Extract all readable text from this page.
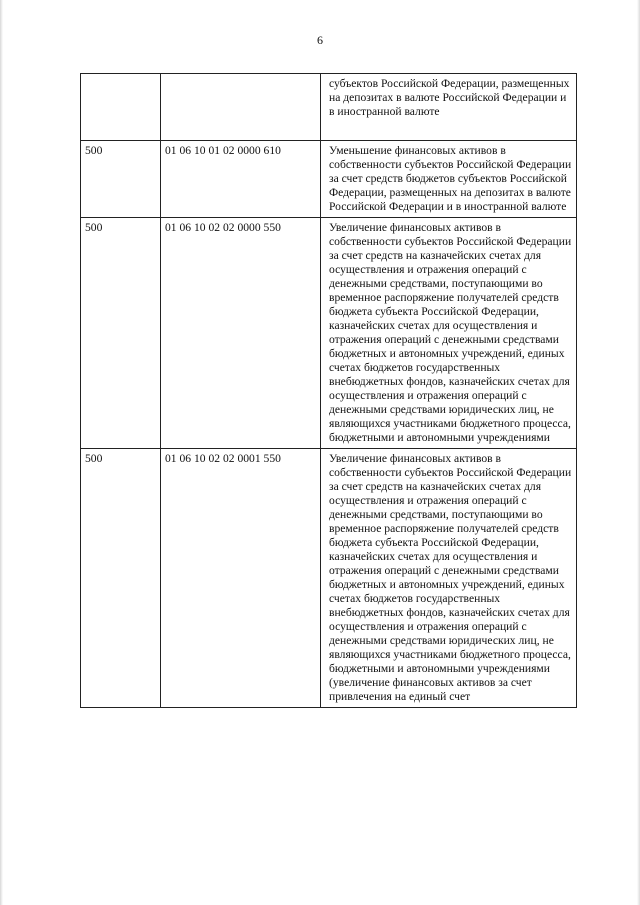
6
		субъектов Российской Федерации, размещенных на депозитах в валюте Российской Федерации и в иностранной валюте
500	01 06 10 01 02 0000 610	Уменьшение финансовых активов в собственности субъектов Российской Федерации за счет средств бюджетов субъектов Российской Федерации, размещенных на депозитах в валюте Российской Федерации и в иностранной валюте
500	01 06 10 02 02 0000 550	Увеличение финансовых активов в собственности субъектов Российской Федерации за счет средств на казначейских счетах для осуществления и отражения операций с денежными средствами, поступающими во временное распоряжение получателей средств бюджета субъекта Российской Федерации, казначейских счетах для осуществления и отражения операций с денежными средствами бюджетных и автономных учреждений, единых счетах бюджетов государственных внебюджетных фондов, казначейских счетах для осуществления и отражения операций с денежными средствами юридических лиц, не являющихся участниками бюджетного процесса, бюджетными и автономными учреждениями
500	01 06 10 02 02 0001 550	Увеличение финансовых активов в собственности субъектов Российской Федерации за счет средств на казначейских счетах для осуществления и отражения операций с денежными средствами, поступающими во временное распоряжение получателей средств бюджета субъекта Российской Федерации, казначейских счетах для осуществления и отражения операций с денежными средствами бюджетных и автономных учреждений, единых счетах бюджетов государственных внебюджетных фондов, казначейских счетах для осуществления и отражения операций с денежными средствами юридических лиц, не являющихся участниками бюджетного процесса, бюджетными и автономными учреждениями (увеличение финансовых активов за счет привлечения на единый счет
